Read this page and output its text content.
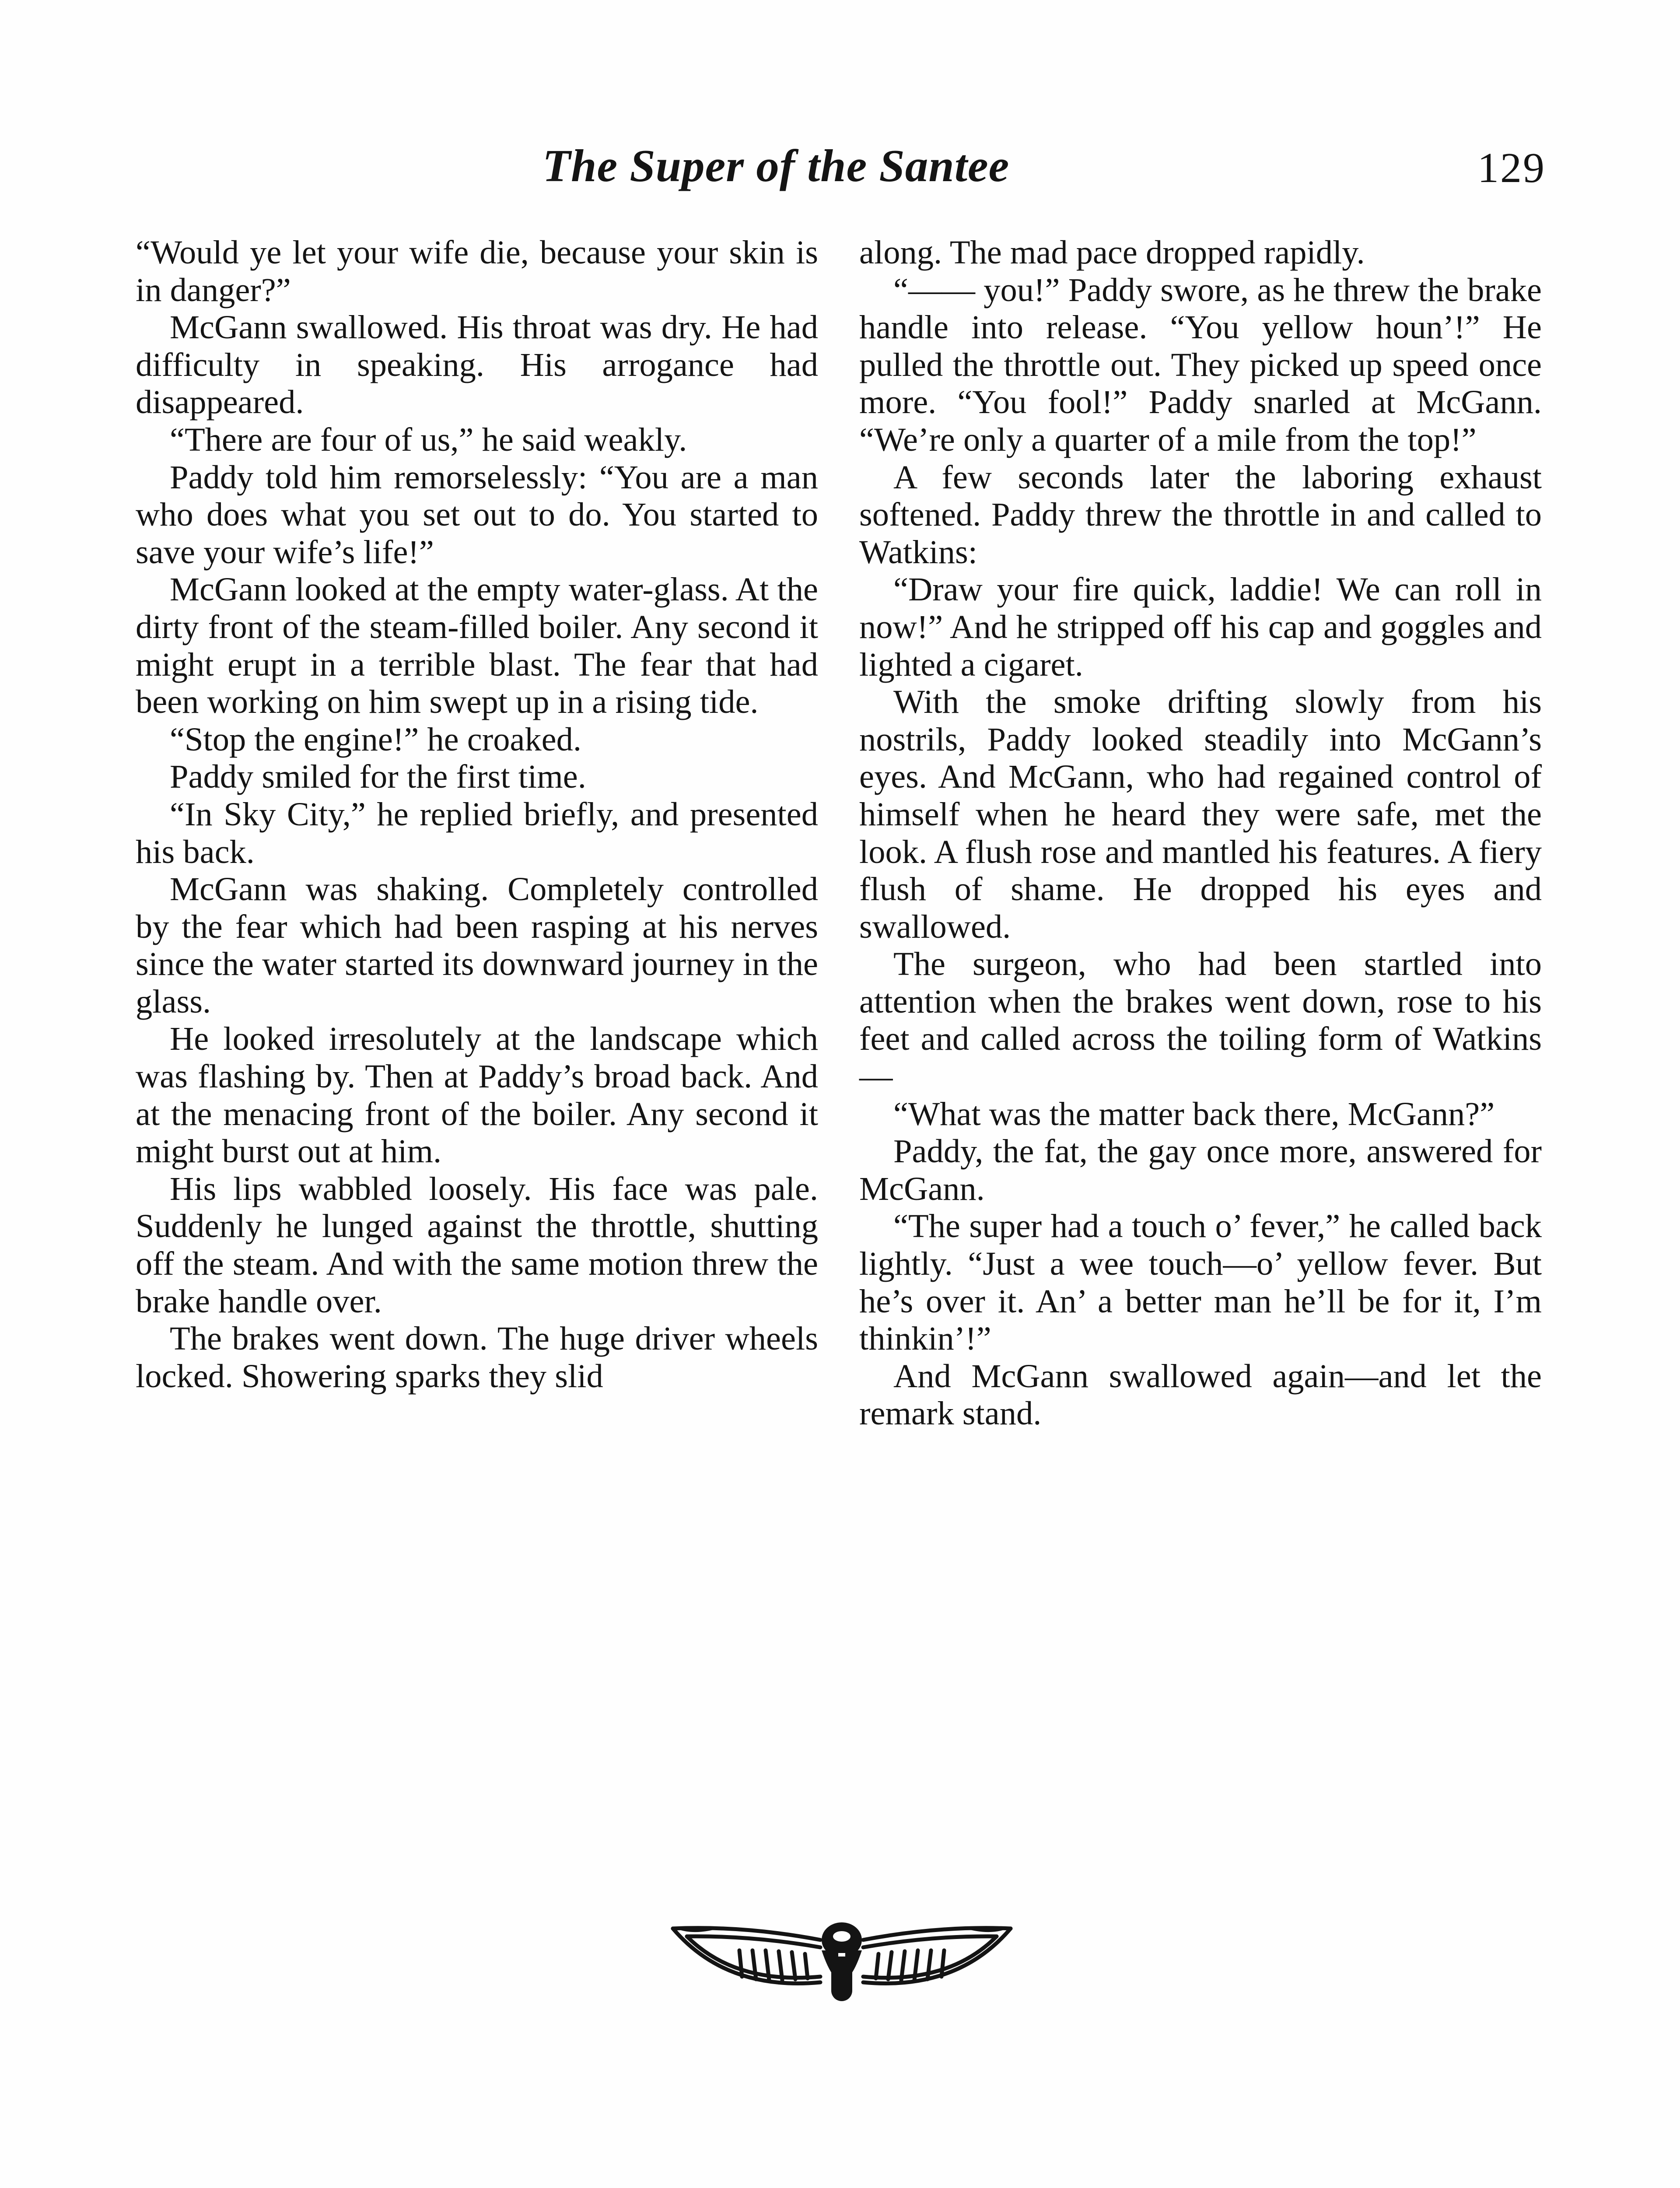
The Super of the Santee	129

“Would ye let your wife die, because your skin is in danger?”

McGann swallowed. His throat was dry. He had difficulty in speaking. His arrogance had disappeared.

“There are four of us,” he said weakly.

Paddy told him remorselessly: “You are a man who does what you set out to do. You started to save your wife’s life!”

McGann looked at the empty water-glass. At the dirty front of the steam-filled boiler. Any second it might erupt in a terrible blast. The fear that had been working on him swept up in a rising tide.

“Stop the engine!” he croaked.

Paddy smiled for the first time.

“In Sky City,” he replied briefly, and presented his back.

McGann was shaking. Completely controlled by the fear which had been rasping at his nerves since the water started its downward journey in the glass.

He looked irresolutely at the landscape which was flashing by. Then at Paddy’s broad back. And at the menacing front of the boiler. Any second it might burst out at him.

His lips wabbled loosely. His face was pale. Suddenly he lunged against the throttle, shutting off the steam. And with the same motion threw the brake handle over.

The brakes went down. The huge driver wheels locked. Showering sparks they slid

along. The mad pace dropped rapidly.

“—— you!” Paddy swore, as he threw the brake handle into release. “You yellow houn’!” He pulled the throttle out. They picked up speed once more. “You fool!” Paddy snarled at McGann. “We’re only a quarter of a mile from the top!”

A few seconds later the laboring exhaust softened. Paddy threw the throttle in and called to Watkins:

“Draw your fire quick, laddie! We can roll in now!” And he stripped off his cap and goggles and lighted a cigaret.

With the smoke drifting slowly from his nostrils, Paddy looked steadily into McGann’s eyes. And McGann, who had regained control of himself when he heard they were safe, met the look. A flush rose and mantled his features. A fiery flush of shame. He dropped his eyes and swallowed.

The surgeon, who had been startled into attention when the brakes went down, rose to his feet and called across the toiling form of Watkins—

“What was the matter back there, McGann?”

Paddy, the fat, the gay once more, answered for McGann.

“The super had a touch o’ fever,” he called back lightly. “Just a wee touch—o’ yellow fever. But he’s over it. An’ a better man he’ll be for it, I’m thinkin’!”

And McGann swallowed again—and let the remark stand.
